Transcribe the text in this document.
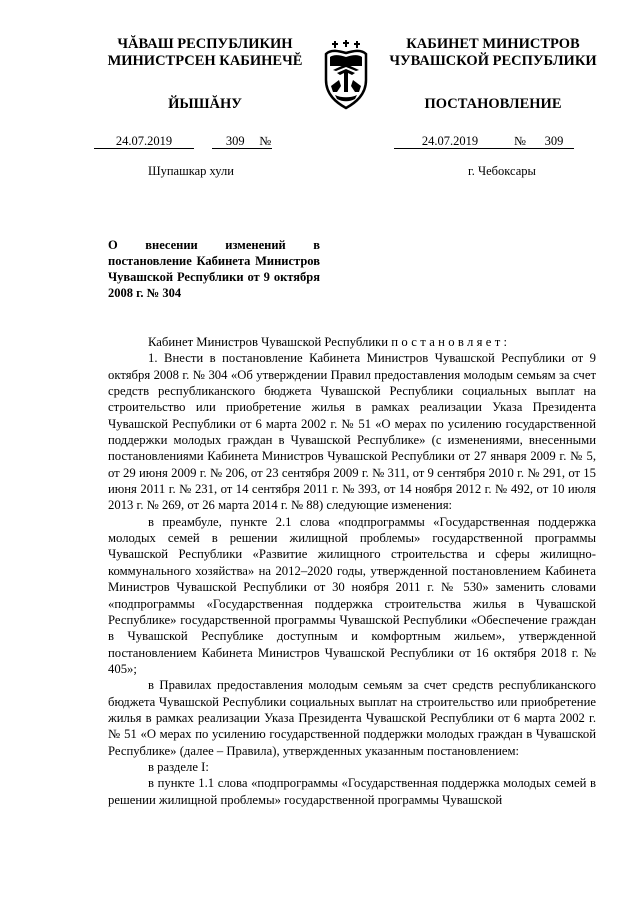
ЧĂВАШ РЕСПУБЛИКИН
МИНИСТРСЕН КАБИНЕЧĔ
ЙЫШĂНУ
КАБИНЕТ МИНИСТРОВ
ЧУВАШСКОЙ РЕСПУБЛИКИ
ПОСТАНОВЛЕНИЕ
24.07.2019	309 №	24.07.2019	№ 309
Шупашкар хули	г. Чебоксары
О внесении изменений в постановление Кабинета Министров Чувашской Республики от 9 октября 2008 г. № 304

Кабинет Министров Чувашской Республики постановляет:

1. Внести в постановление Кабинета Министров Чувашской Республики от 9 октября 2008 г. № 304 «Об утверждении Правил предоставления молодым семьям за счет средств республиканского бюджета Чувашской Республики социальных выплат на строительство или приобретение жилья в рамках реализации Указа Президента Чувашской Республики от 6 марта 2002 г. № 51 «О мерах по усилению государственной поддержки молодых граждан в Чувашской Республике» (с изменениями, внесенными постановлениями Кабинета Министров Чувашской Республики от 27 января 2009 г. № 5, от 29 июня 2009 г. № 206, от 23 сентября 2009 г. № 311, от 9 сентября 2010 г. № 291, от 15 июня 2011 г. № 231, от 14 сентября 2011 г. № 393, от 14 ноября 2012 г. № 492, от 10 июля 2013 г. № 269, от 26 марта 2014 г. № 88) следующие изменения:

в преамбуле, пункте 2.1 слова «подпрограммы «Государственная поддержка молодых семей в решении жилищной проблемы» государственной программы Чувашской Республики «Развитие жилищного строительства и сферы жилищно-коммунального хозяйства» на 2012–2020 годы, утвержденной постановлением Кабинета Министров Чувашской Республики от 30 ноября 2011 г. № 530» заменить словами «подпрограммы «Государственная поддержка строительства жилья в Чувашской Республике» государственной программы Чувашской Республики «Обеспечение граждан в Чувашской Республике доступным и комфортным жильем», утвержденной постановлением Кабинета Министров Чувашской Республики от 16 октября 2018 г. № 405»;

в Правилах предоставления молодым семьям за счет средств республиканского бюджета Чувашской Республики социальных выплат на строительство или приобретение жилья в рамках реализации Указа Президента Чувашской Республики от 6 марта 2002 г. № 51 «О мерах по усилению государственной поддержки молодых граждан в Чувашской Республике» (далее – Правила), утвержденных указанным постановлением:

в разделе I:

в пункте 1.1 слова «подпрограммы «Государственная поддержка молодых семей в решении жилищной проблемы» государственной программы Чувашской
